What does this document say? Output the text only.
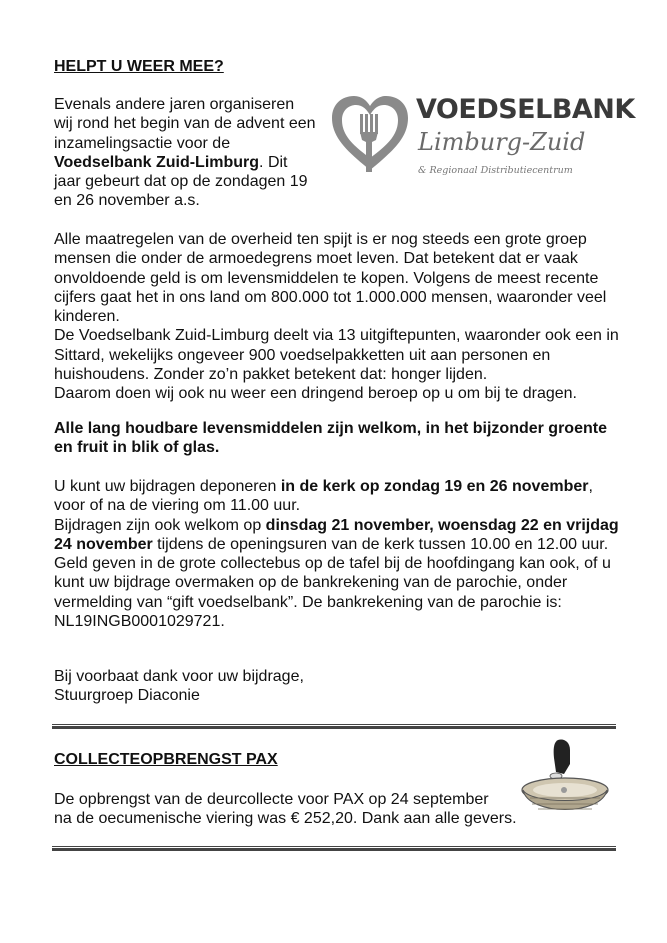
HELPT U WEER MEE?

Evenals andere jaren organiseren wij rond het begin van de advent een inzamelingsactie voor de Voedselbank Zuid-Limburg. Dit jaar gebeurt dat op de zondagen 19 en 26 november a.s.

VOEDSELBANK
Limburg-Zuid
& Regionaal Distributiecentrum

Alle maatregelen van de overheid ten spijt is er nog steeds een grote groep mensen die onder de armoedegrens moet leven. Dat betekent dat er vaak onvoldoende geld is om levensmiddelen te kopen. Volgens de meest recente cijfers gaat het in ons land om 800.000 tot 1.000.000 mensen, waaronder veel kinderen.

De Voedselbank Zuid-Limburg deelt via 13 uitgiftepunten, waaronder ook een in Sittard, wekelijks ongeveer 900 voedselpakketten uit aan personen en huishoudens. Zonder zo’n pakket betekent dat: honger lijden.

Daarom doen wij ook nu weer een dringend beroep op u om bij te dragen.

Alle lang houdbare levensmiddelen zijn welkom, in het bijzonder groente en fruit in blik of glas.

U kunt uw bijdragen deponeren in de kerk op zondag 19 en 26 november, voor of na de viering om 11.00 uur.

Bijdragen zijn ook welkom op dinsdag 21 november, woensdag 22 en vrijdag 24 november tijdens de openingsuren van de kerk tussen 10.00 en 12.00 uur.

Geld geven in de grote collectebus op de tafel bij de hoofdingang kan ook, of u kunt uw bijdrage overmaken op de bankrekening van de parochie, onder vermelding van “gift voedselbank”. De bankrekening van de parochie is: NL19INGB0001029721.

Bij voorbaat dank voor uw bijdrage,

Stuurgroep Diaconie

COLLECTEOPBRENGST PAX

De opbrengst van de deurcollecte voor PAX op 24 september

na de oecumenische viering was € 252,20. Dank aan alle gevers.
